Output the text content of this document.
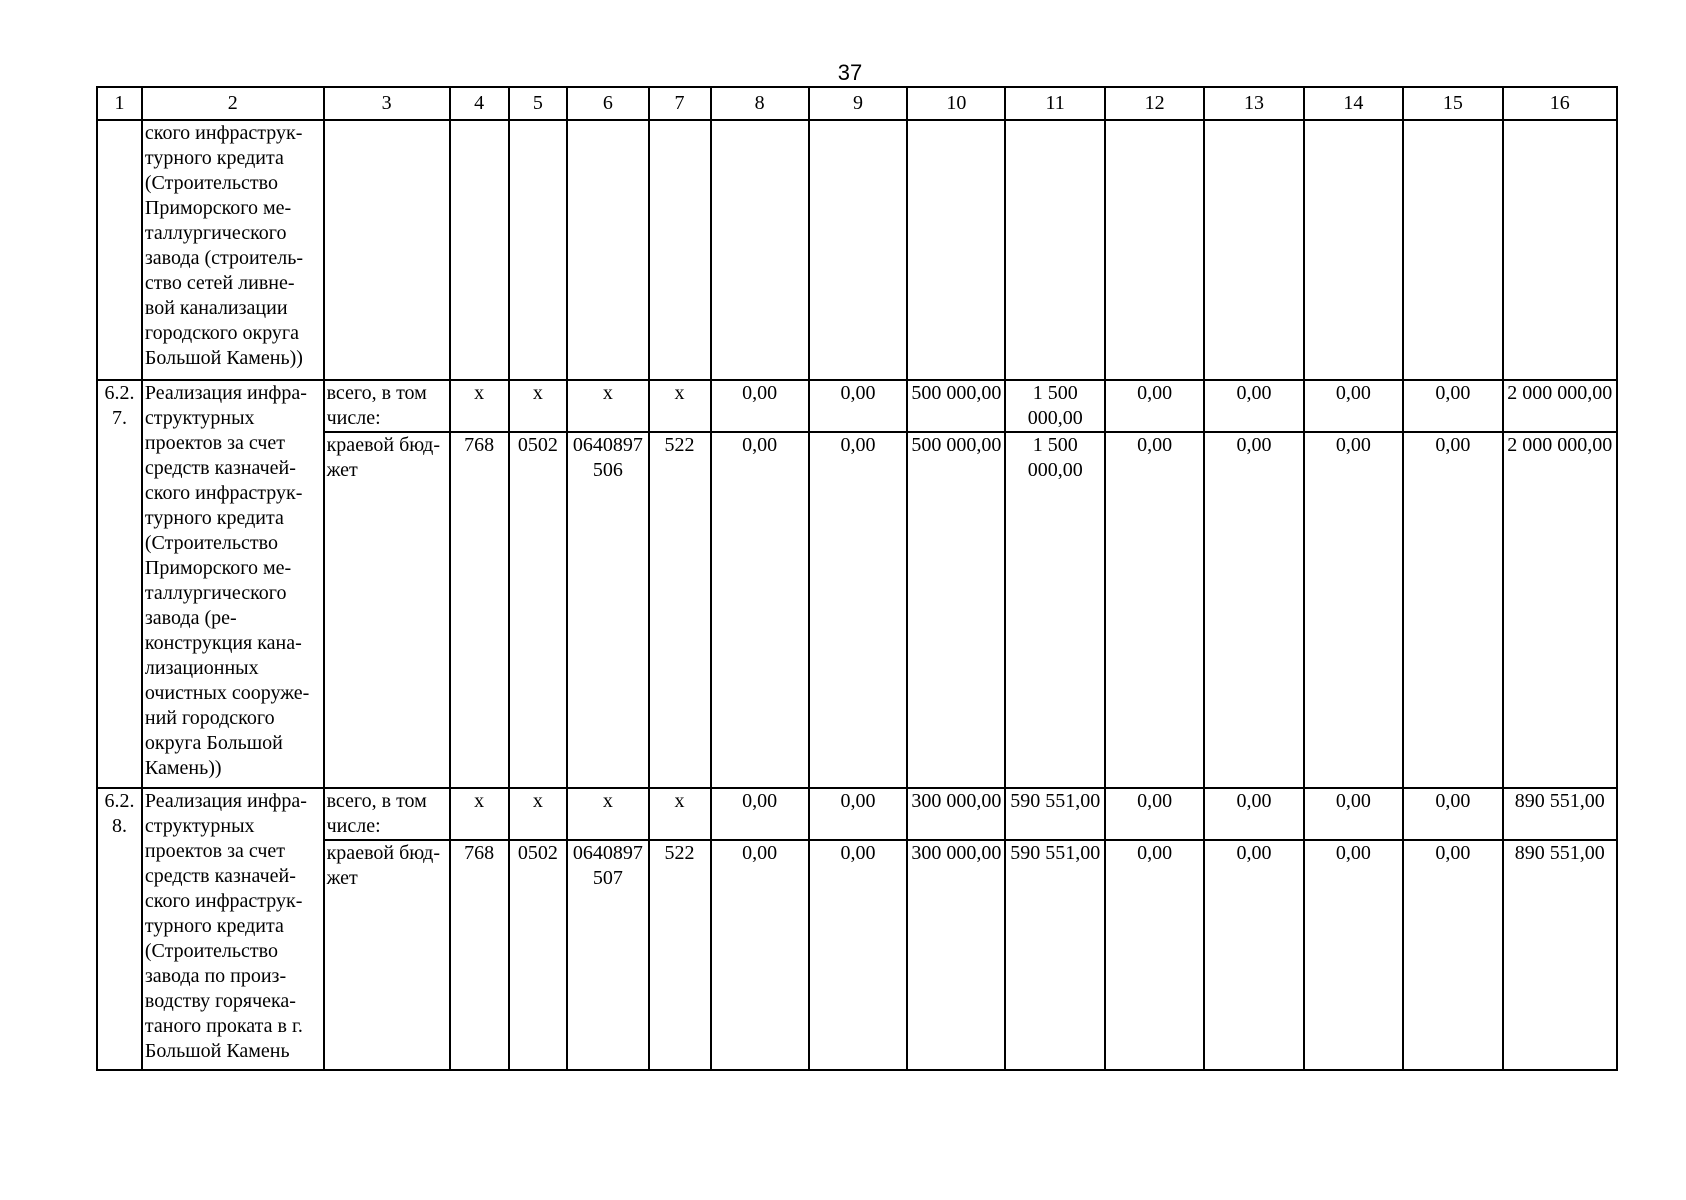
37
1	2	3	4	5	6	7	8	9	10	11	12	13	14	15	16
	ского инфраструк-турного кредита (Строительство Приморского ме-таллургического завода (строитель-ство сетей ливне-вой канализации городского округа Большой Камень))														
6.2.7.	Реализация инфра-структурных проектов за счет средств казначей-ского инфраструк-турного кредита (Строительство Приморского ме-таллургического завода (ре-конструкция кана-лизационных очистных сооруже-ний городского округа Большой Камень))	всего, в том числе:	x	x	x	x	0,00	0,00	500 000,00	1 500 000,00	0,00	0,00	0,00	0,00	2 000 000,00
		краевой бюд-жет	768	0502	0640897506	522	0,00	0,00	500 000,00	1 500 000,00	0,00	0,00	0,00	0,00	2 000 000,00
6.2.8.	Реализация инфра-структурных проектов за счет средств казначей-ского инфраструк-турного кредита (Строительство завода по произ-водству горячека-таного проката в г. Большой Камень	всего, в том числе:	x	x	x	x	0,00	0,00	300 000,00	590 551,00	0,00	0,00	0,00	0,00	890 551,00
		краевой бюд-жет	768	0502	0640897507	522	0,00	0,00	300 000,00	590 551,00	0,00	0,00	0,00	0,00	890 551,00
